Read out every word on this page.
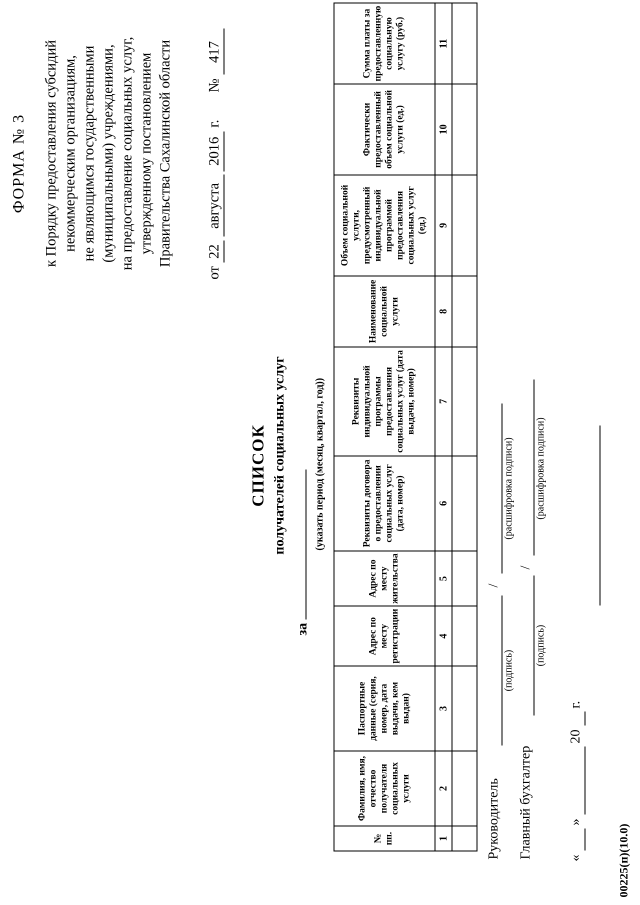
ФОРМА № 3 к Порядку предоставления субсидий некоммерческим организациям, не являющимся государственными (муниципальными) учреждениями, на предоставление социальных услуг, утвержденному постановлением Правительства Сахалинской области
от 22 августа 2016 г.  № 417
СПИСОК получателей социальных услуг
за
(указать период (месяц, квартал, год))
№ пп.	Фамилия, имя, отчество получателя социальных услуги	Паспортные данные (серия, номер, дата выдачи, кем выдан)	Адрес по месту регистрации	Адрес по месту жительства	Реквизиты договора о предоставлении социальных услуг (дата, номер)	Реквизиты индивидуальной программы предоставления социальных услуг (дата выдачи, номер)	Наименование социальной услуги	Объем социальной услуги, предусмотренный индивидуальной программой предоставления социальных услуг (ед.)	Фактически предоставленный объем социальной услуги (ед.)	Сумма платы за предоставленную социальную услугу (руб.)
1	2	3	4	5	6	7	8	9	10	11

Руководитель
/
(подпись)
(расшифровка подписи)
Главный бухгалтер
/
(подпись)
(расшифровка подписи)
«   »   20   г.
00225(п)(10.0)
